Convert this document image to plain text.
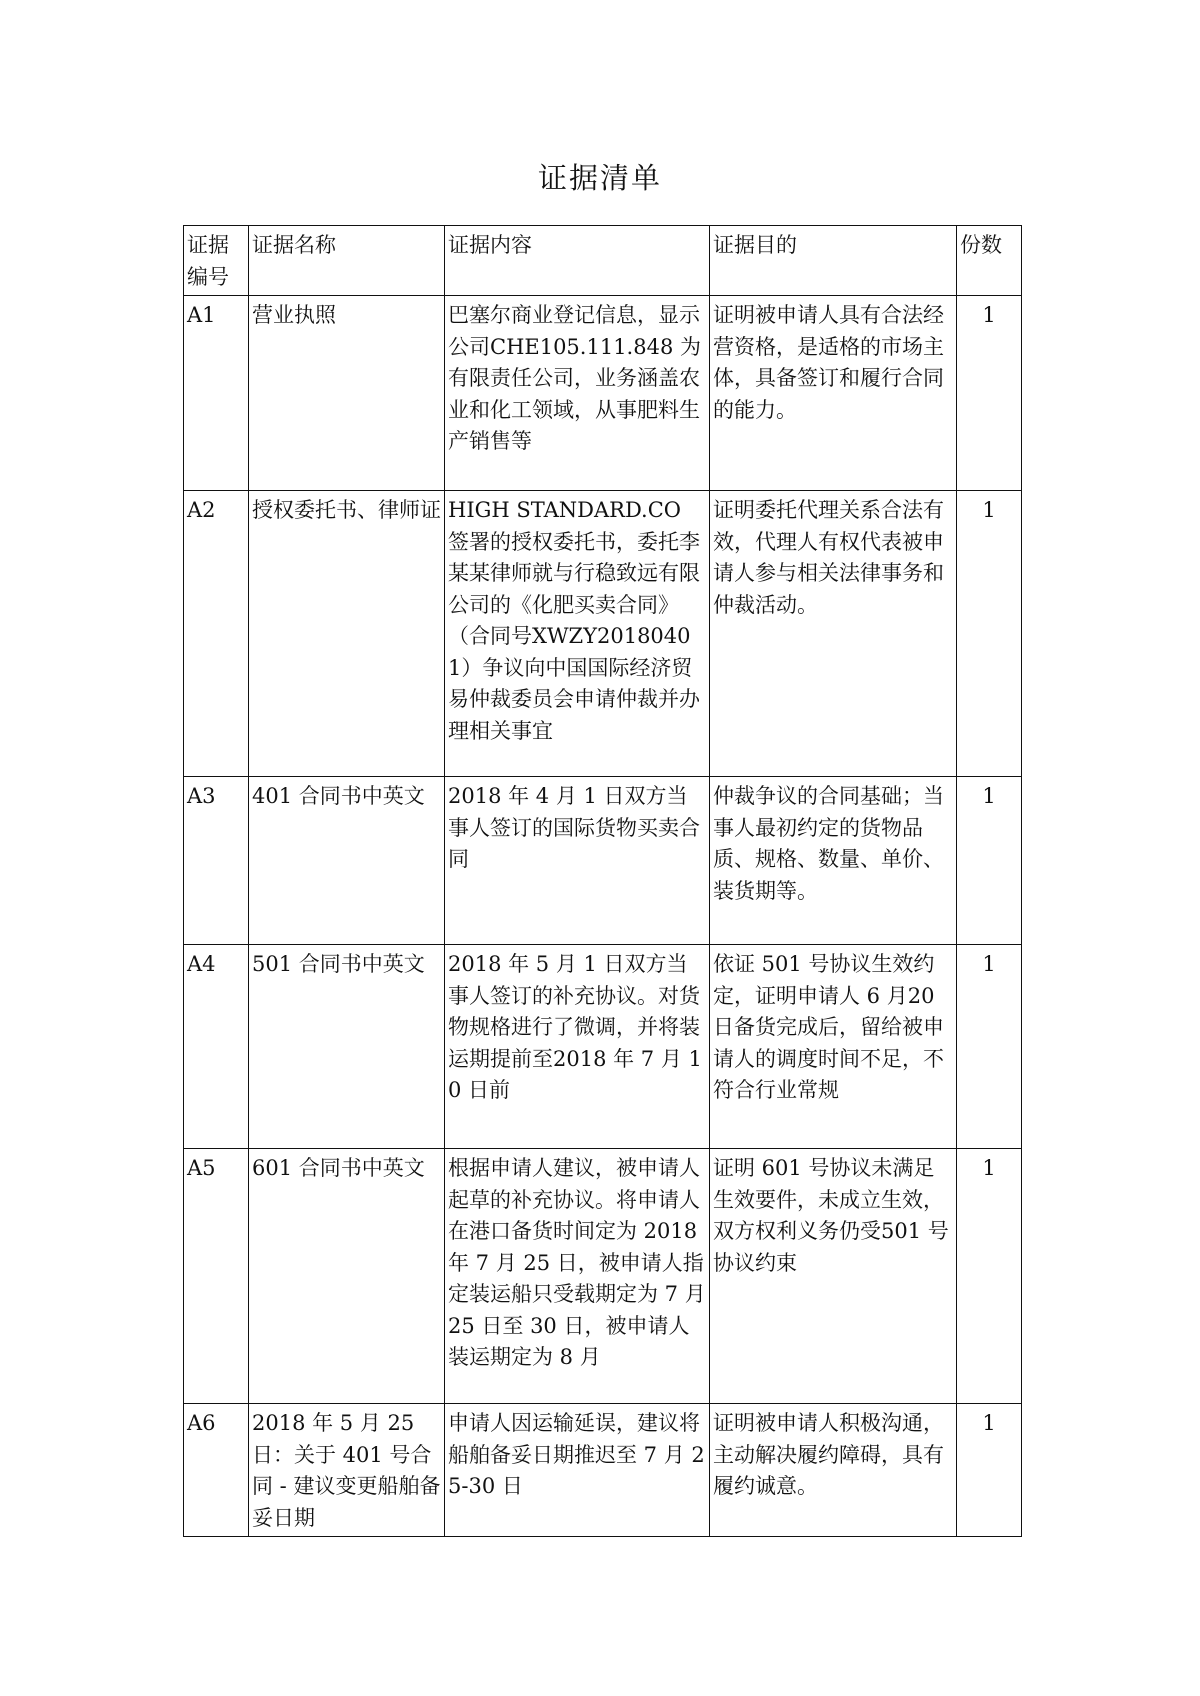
证据清单
证据编号	证据名称	证据内容	证据目的	份数
A1	营业执照	巴塞尔商业登记信息，显示公司CHE105.111.848 为有限责任公司，业务涵盖农业和化工领域，从事肥料生产销售等	证明被申请人具有合法经营资格，是适格的市场主体，具备签订和履行合同的能力。	1
A2	授权委托书、律师证	HIGH STANDARD.CO 签署的授权委托书，委托李某某律师就与行稳致远有限公司的《化肥买卖合同》（合同号XWZY20180401）争议向中国国际经济贸易仲裁委员会申请仲裁并办理相关事宜	证明委托代理关系合法有效，代理人有权代表被申请人参与相关法律事务和仲裁活动。	1
A3	401 合同书中英文	2018 年 4 月 1 日双方当事人签订的国际货物买卖合同	仲裁争议的合同基础；当事人最初约定的货物品质、规格、数量、单价、装货期等。	1
A4	501 合同书中英文	2018 年 5 月 1 日双方当事人签订的补充协议。对货物规格进行了微调，并将装运期提前至2018 年 7 月 10 日前	依证 501 号协议生效约定，证明申请人 6 月20 日备货完成后，留给被申请人的调度时间不足，不符合行业常规	1
A5	601 合同书中英文	根据申请人建议，被申请人起草的补充协议。将申请人在港口备货时间定为 2018 年 7 月 25 日，被申请人指定装运船只受载期定为 7 月 25 日至 30 日，被申请人装运期定为 8 月	证明 601 号协议未满足生效要件，未成立生效，双方权利义务仍受501 号协议约束	1
A6	2018 年 5 月 25 日：关于 401 号合同 - 建议变更船舶备妥日期	申请人因运输延误，建议将船舶备妥日期推迟至 7 月 25-30 日	证明被申请人积极沟通，主动解决履约障碍，具有履约诚意。	1
